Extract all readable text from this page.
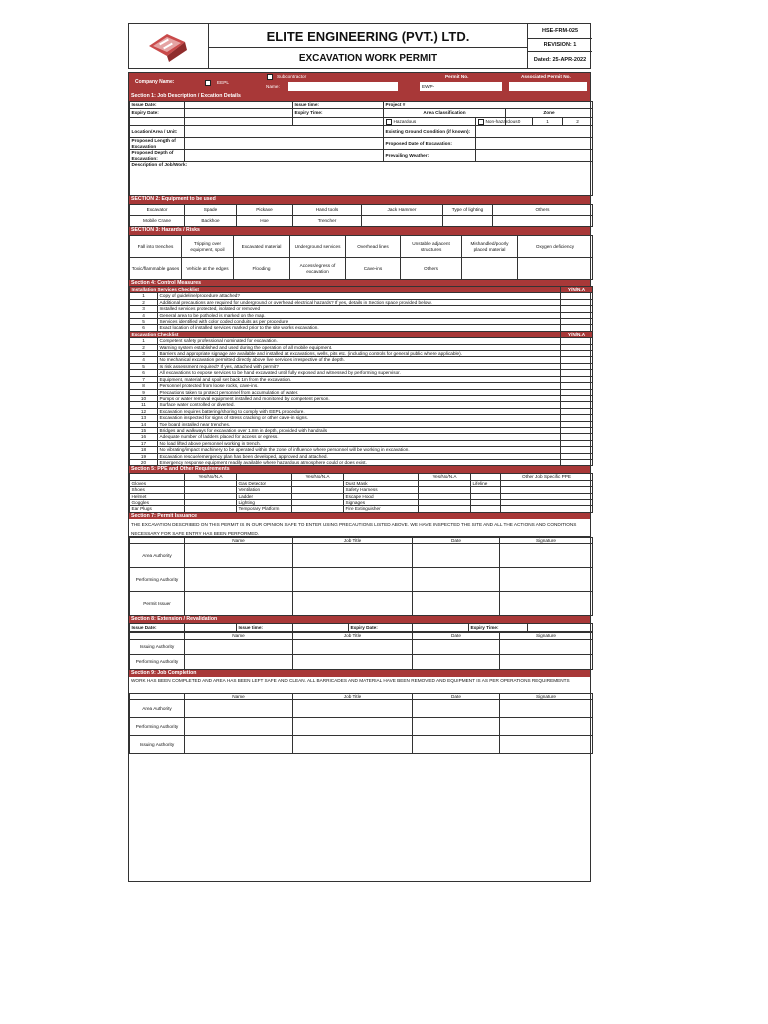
ELITE ENGINEERING (PVT.) LTD.
EXCAVATION WORK PERMIT
HSE-FRM-025
REVISION: 1
Dated: 25-APR-2022
Company Name:	EEPL
Subcontractor
Name:
Permit No.
EWP-
Associated Permit No.
Section 1: Job Description / Excation Details
Issue Date:		Issue time:	Project #				
Expiry Date:		Expiry Time:	Area Classification		Zone		
			Hazardous	Non-hazardous	0	1	2
Location/Area / Unit:			Existing Ground Condition (if known):				
Proposed Length of Excavation			Proposed Date of Excavation:				
Proposed Depth of Excavation:			Prevailing Weather:				
Description of Job/Work:							
SECTION 2: Equipment to be used
Excavator	Spade	Pickaxe	Hand tools	Jack Hammer	Type of lighting	Others
Mobile Crane	Backhoe	Hoe	Trencher			
SECTION 3: Hazards / Risks
Fall into trenches	Tripping over equipment, spoil	Excavated material	Underground services	Overhead lines	Unstable adjacent structures	Mishandled/poorly placed material	Oxygen deficiency
Toxic/flammable gases	Vehicle at the edges	Flooding	Access/egress of excavation	Cave-ins	Others		
Section 4: Control Measures
Installation Services Checklist		Y/N/N.A
1	Copy of guideline/procedure attached?	
2	Additional precautions are required for underground or overhead electrical hazards? If yes, details in Section space provided below.	
3	Installed services protected, isolated or removed	
4	General area to be potholed is marked on the map.	
5	Services identified with color coded conduits as per procedure	
6	Exact location of installed services marked prior to the site works excavation.	
Excavation Checklist		Y/N/N.A
1	Competent safety professional nominated for excavation.	
2	Warning system established and used during the operation of all mobile equipment.	
3	Barriers and appropriate signage are available and installed at excavations, wells, pits etc. (including controls for general public where applicable).	
4	No mechanical excavation permitted directly above live services irrespective of the depth.	
5	Is risk assessment required? If yes, attached with permit?	
6	All excavations to expose services to be hand excavated until fully exposed and witnessed by performing supervisor.	
7	Equipment, material and spoil set back 1m from the excavation.	
8	Personnel protected from loose rocks, cave-ins.	
9	Precautions taken to protect personnel from accumulation of water.	
10	Pumps or water removal equipment installed and monitored by competent person.	
11	Surface water controlled or diverted.	
12	Excavation requires battering/shoring to comply with EEPL procedure.	
13	Excavation inspected for signs of stress cracking or other cave-in signs.	
14	Toe board installed near trenches.	
15	Bridges and walkways for excavation over 1.8m in depth, provided with handrails	
16	Adequate number of ladders placed for access or egress.	
17	No load lifted above personnel working in trench.	
18	No vibrating/impact machinery to be operated within the zone of influence where personnel will be working in excavation.	
19	Excavation rescue/emergency plan has been developed, approved and attached.	
20	Emergency response equipment readily available where hazardous atmosphere could or does exist.	
Section 5: PPE and Other Requirements
	Yes/No/N.A		Yes/No/N.A		Yes/No/N.A		Other Job Specific PPE
Gloves		Gas Detector		Dust Mask		Lifeline	
Shoes		Ventilation		Safety Harness			
Helmet		Ladder		Escape Hood			
Goggles		Lighting		Signages			
Ear Plugs		Temporary Platform		Fire Extinguisher			
Section 7: Permit Issuance
THE EXCAVATION DESCRIBED ON THIS PERMIT IS IN OUR OPINION SAFE TO ENTER USING PRECAUTIONS LISTED ABOVE. WE HAVE INSPECTED THE SITE AND ALL THE ACTIONS AND CONDITIONS NECESSARY FOR SAFE ENTRY HAS BEEN PERFORMED.
	Name	Job Title	Date	Signature
Area Authority				
Performing Authority				
Permit Issuer				
Section 8: Extension / Revalidation
Issue Date:		Issue time:		Expiry Date:		Expiry Time:	
	Name	Job Title	Date	Signature
Issuing Authority				
Performing Authority				
Section 9: Job Completion
WORK HAS BEEN COMPLETED AND AREA HAS BEEN LEFT SAFE AND CLEAN. ALL BARRICADES AND MATERIAL HAVE BEEN REMOVED AND EQUIPMENT IS AS PER OPERATIONS REQUIREMENTS
	Name	Job Title	Date	Signature
Area Authority				
Performing Authority				
Issuing Authority				
